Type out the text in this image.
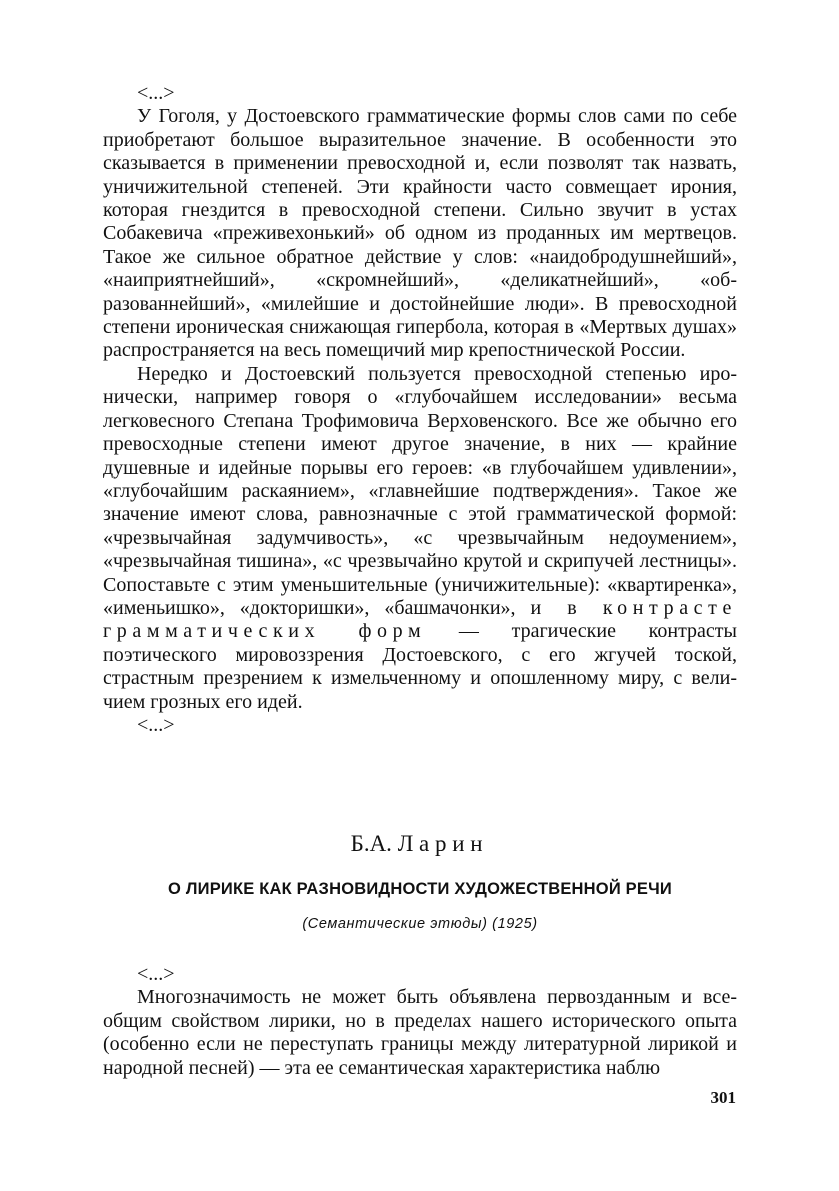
<...>

У Гоголя, у Достоевского грамматические формы слов сами по себе приобретают большое выразительное значение. В особенности это сказывается в применении превосходной и, если позволят так назвать, уничижительной степеней. Эти крайности часто совмещает ирония, которая гнездится в превосходной степени. Сильно звучит в устах Собакевича «преживехонький» об одном из проданных им мертвецов. Такое же сильное обратное действие у слов: «наидобродушнейший», «наиприятнейший», «скромнейший», «деликатнейший», «образованнейший», «милейшие и достойнейшие люди». В превосходной степени ироническая снижающая гипербола, которая в «Мертвых душах» распространяется на весь помещичий мир крепостнической России.

Нередко и Достоевский пользуется превосходной степенью иронически, например говоря о «глубочайшем исследовании» весьма легковесного Степана Трофимовича Верховенского. Все же обычно его превосходные степени имеют другое значение, в них — крайние душевные и идейные порывы его героев: «в глубочайшем удивлении», «глубочайшим раскаянием», «главнейшие подтверждения». Такое же значение имеют слова, равнозначные с этой грамматической формой: «чрезвычайная задумчивость», «с чрезвычайным недоумением», «чрезвычайная тишина», «с чрезвычайно крутой и скрипучей лестницы». Сопоставьте с этим уменьшительные (уничижительные): «квартиренка», «именьишко», «докторишки», «башмачонки», и в контрасте грамматических форм — трагические контрасты поэтического мировоззрения Достоевского, с его жгучей тоской, страстным презрением к измельченному и опошленному миру, с величием грозных его идей.

<...>
Б.А. Ларин
О ЛИРИКЕ КАК РАЗНОВИДНОСТИ ХУДОЖЕСТВЕННОЙ РЕЧИ
(Семантические этюды) (1925)
<...>

Многозначимость не может быть объявлена первозданным и всеобщим свойством лирики, но в пределах нашего исторического опыта (особенно если не переступать границы между литературной лирикой и народной песней) — эта ее семантическая характеристика наблю

301
